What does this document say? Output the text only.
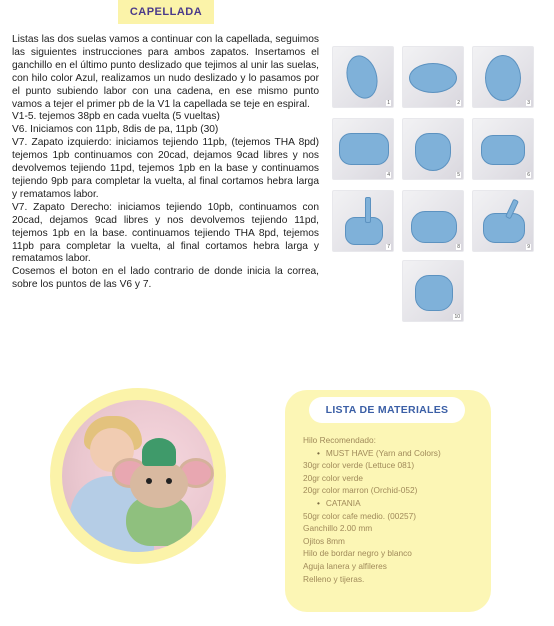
CAPELLADA

Listas las dos suelas vamos a continuar con la capellada, seguimos las siguientes instrucciones para ambos zapatos. Insertamos el ganchillo en el último punto deslizado que tejimos al unir las suelas, con hilo color Azul, realizamos un nudo deslizado y lo pasamos por el punto subiendo labor con una cadena, en ese mismo punto vamos a tejer el primer pb de la V1 la capellada se teje en espiral.

V1-5. tejemos 38pb en cada vuelta (5 vueltas)

V6. Iniciamos con 11pb, 8dis de pa, 11pb (30)

V7. Zapato izquierdo: iniciamos tejiendo 11pb, (tejemos THA 8pd) tejemos 1pb continuamos con 20cad, dejamos 9cad libres y nos devolvemos tejiendo 11pd, tejemos 1pb en la base y continuamos tejiendo 9pb para completar la vuelta, al final cortamos hebra larga y rematamos labor.

V7. Zapato Derecho: iniciamos tejiendo 10pb, continuamos con 20cad, dejamos 9cad libres y nos devolvemos tejiendo 11pd, tejemos 1pb en la base. continuamos tejiendo THA 8pd, tejemos 11pb para completar la vuelta, al final cortamos hebra larga y rematamos labor.

Cosemos el boton en el lado contrario de donde inicia la correa, sobre los puntos de las V6 y 7.

1	2	3
4	5	6
7	8	9
10
LISTA DE MATERIALES
Hilo Recomendado:
• MUST HAVE (Yarn and Colors)
30gr color verde (Lettuce 081)
20gr color verde
20gr color marron (Orchid-052)
• CATANIA
50gr color cafe medio. (00257)
Ganchillo 2.00 mm
Ojitos 8mm
Hilo de bordar negro y blanco
Aguja lanera y alfileres
Relleno y tijeras.
